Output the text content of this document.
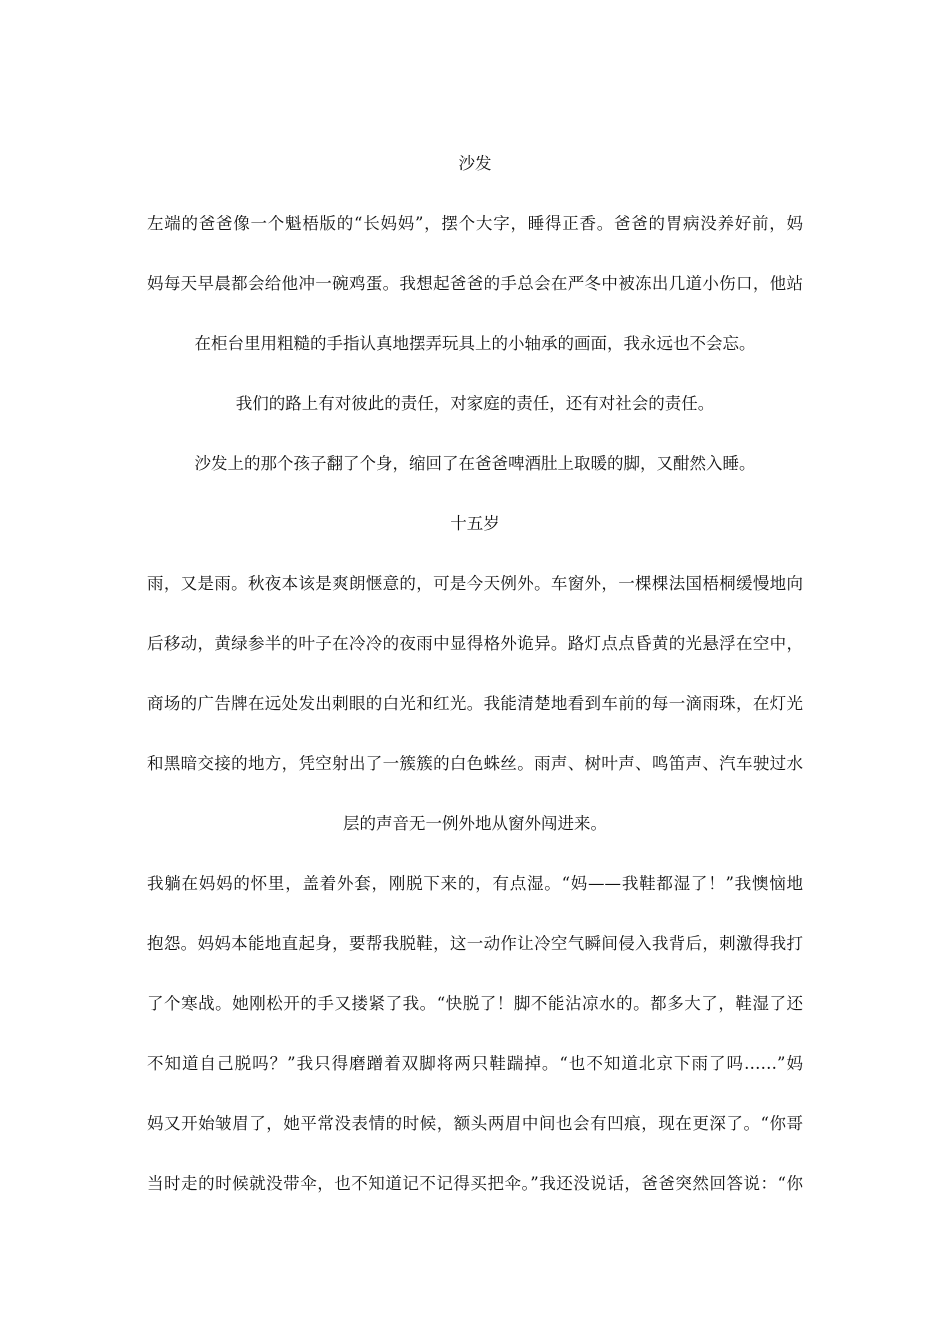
沙发
左端的爸爸像一个魁梧版的“长妈妈”，摆个大字，睡得正香。爸爸的胃病没养好前，妈
妈每天早晨都会给他冲一碗鸡蛋。我想起爸爸的手总会在严冬中被冻出几道小伤口，他站
在柜台里用粗糙的手指认真地摆弄玩具上的小轴承的画面，我永远也不会忘。
我们的路上有对彼此的责任，对家庭的责任，还有对社会的责任。
沙发上的那个孩子翻了个身，缩回了在爸爸啤酒肚上取暖的脚，又酣然入睡。
十五岁
雨，又是雨。秋夜本该是爽朗惬意的，可是今天例外。车窗外，一棵棵法国梧桐缓慢地向
后移动，黄绿参半的叶子在冷冷的夜雨中显得格外诡异。路灯点点昏黄的光悬浮在空中，
商场的广告牌在远处发出刺眼的白光和红光。我能清楚地看到车前的每一滴雨珠，在灯光
和黑暗交接的地方，凭空射出了一簇簇的白色蛛丝。雨声、树叶声、鸣笛声、汽车驶过水
层的声音无一例外地从窗外闯进来。
我躺在妈妈的怀里，盖着外套，刚脱下来的，有点湿。“妈——我鞋都湿了！”我懊恼地
抱怨。妈妈本能地直起身，要帮我脱鞋，这一动作让冷空气瞬间侵入我背后，刺激得我打
了个寒战。她刚松开的手又搂紧了我。“快脱了！脚不能沾凉水的。都多大了，鞋湿了还
不知道自己脱吗？”我只得磨蹭着双脚将两只鞋踹掉。“也不知道北京下雨了吗……”妈
妈又开始皱眉了，她平常没表情的时候，额头两眉中间也会有凹痕，现在更深了。“你哥
当时走的时候就没带伞，也不知道记不记得买把伞。”我还没说话，爸爸突然回答说：“你
